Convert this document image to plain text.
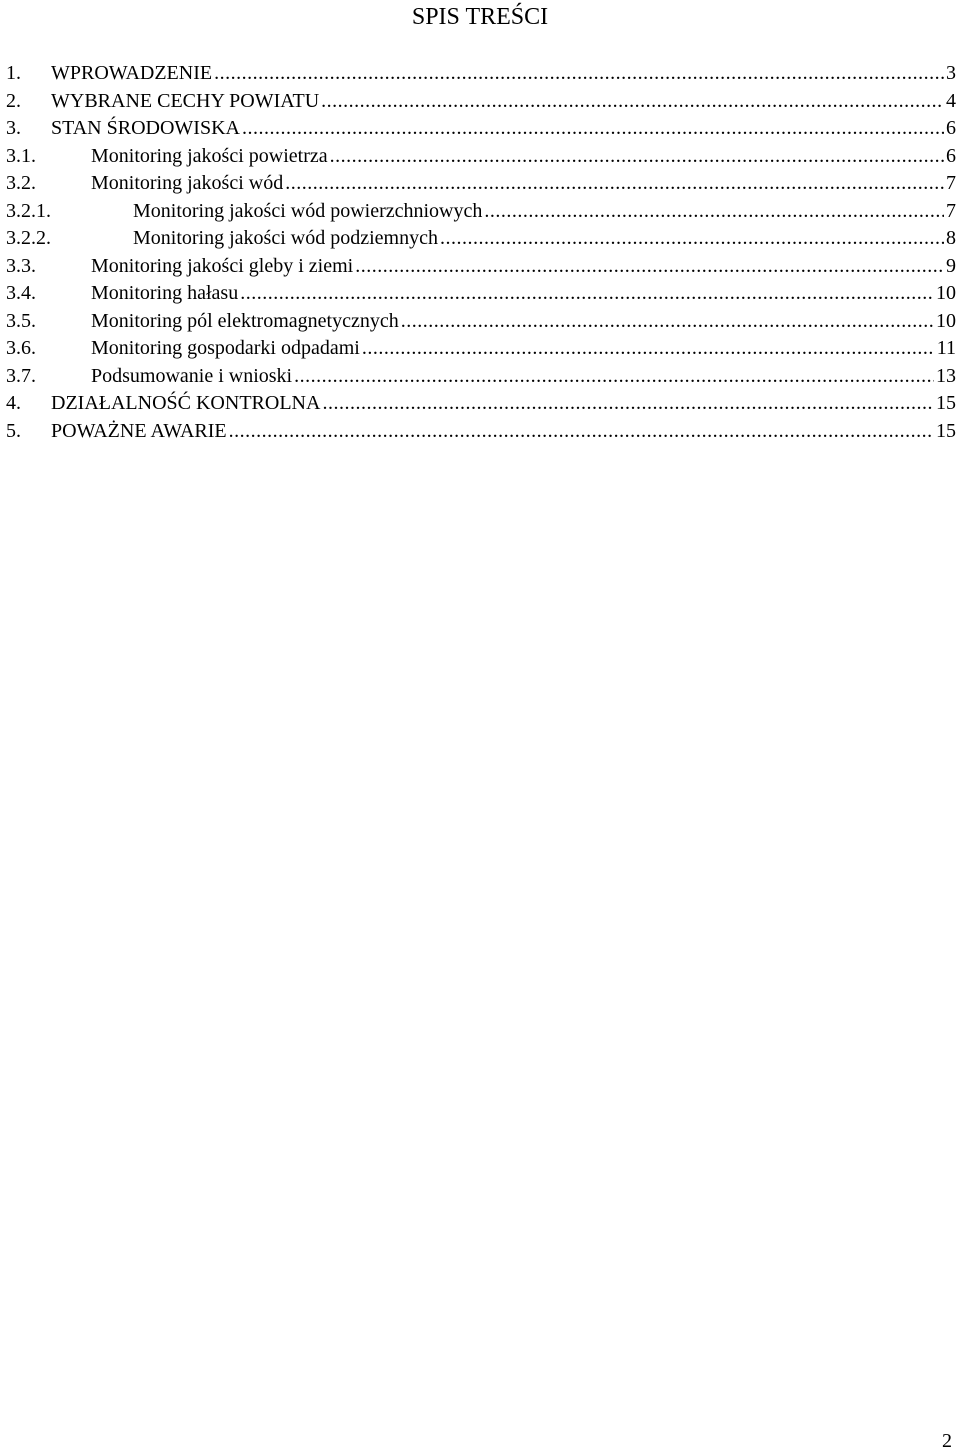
SPIS TREŚCI
1.	WPROWADZENIE .....	3
2.	WYBRANE CECHY POWIATU .....	4
3.	STAN ŚRODOWISKA .....	6
3.1.	Monitoring jakości powietrza .....	6
3.2.	Monitoring jakości wód .....	7
3.2.1.	Monitoring jakości wód powierzchniowych .....	7
3.2.2.	Monitoring jakości wód podziemnych .....	8
3.3.	Monitoring jakości gleby i ziemi .....	9
3.4.	Monitoring hałasu .....	10
3.5.	Monitoring pól elektromagnetycznych .....	10
3.6.	Monitoring gospodarki odpadami .....	11
3.7.	Podsumowanie i wnioski .....	13
4.	DZIAŁALNOŚĆ KONTROLNA .....	15
5.	POWAŻNE AWARIE .....	15
2
